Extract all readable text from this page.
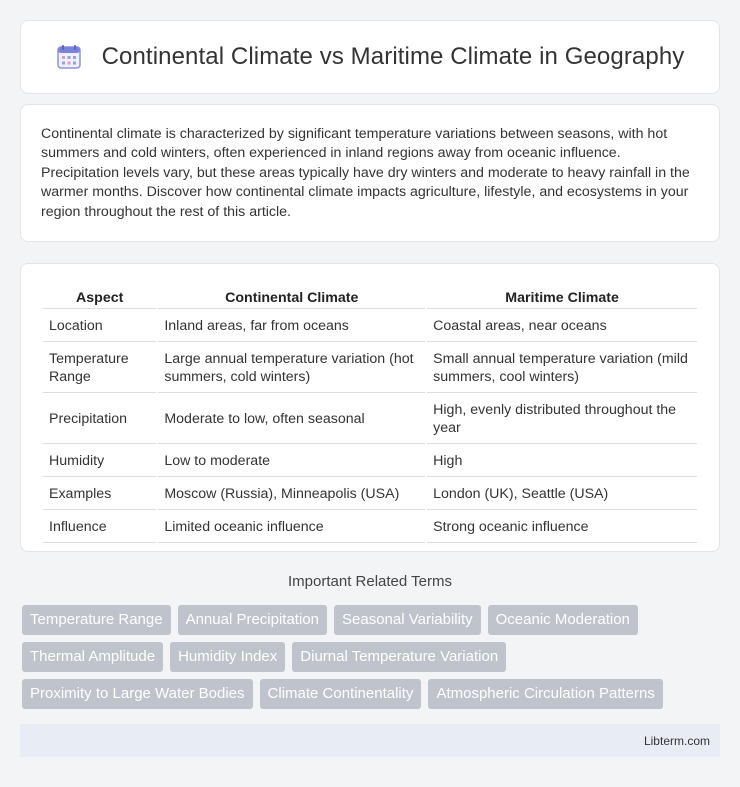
Continental Climate vs Maritime Climate in Geography

Continental climate is characterized by significant temperature variations between seasons, with hot summers and cold winters, often experienced in inland regions away from oceanic influence. Precipitation levels vary, but these areas typically have dry winters and moderate to heavy rainfall in the warmer months. Discover how continental climate impacts agriculture, lifestyle, and ecosystems in your region throughout the rest of this article.

Aspect	Continental Climate	Maritime Climate
Location	Inland areas, far from oceans	Coastal areas, near oceans
Temperature Range	Large annual temperature variation (hot summers, cold winters)	Small annual temperature variation (mild summers, cool winters)
Precipitation	Moderate to low, often seasonal	High, evenly distributed throughout the year
Humidity	Low to moderate	High
Examples	Moscow (Russia), Minneapolis (USA)	London (UK), Seattle (USA)
Influence	Limited oceanic influence	Strong oceanic influence
Important Related Terms
Temperature Range	Annual Precipitation	Seasonal Variability	Oceanic Moderation
Thermal Amplitude	Humidity Index	Diurnal Temperature Variation
Proximity to Large Water Bodies	Climate Continentality	Atmospheric Circulation Patterns
Libterm.com
